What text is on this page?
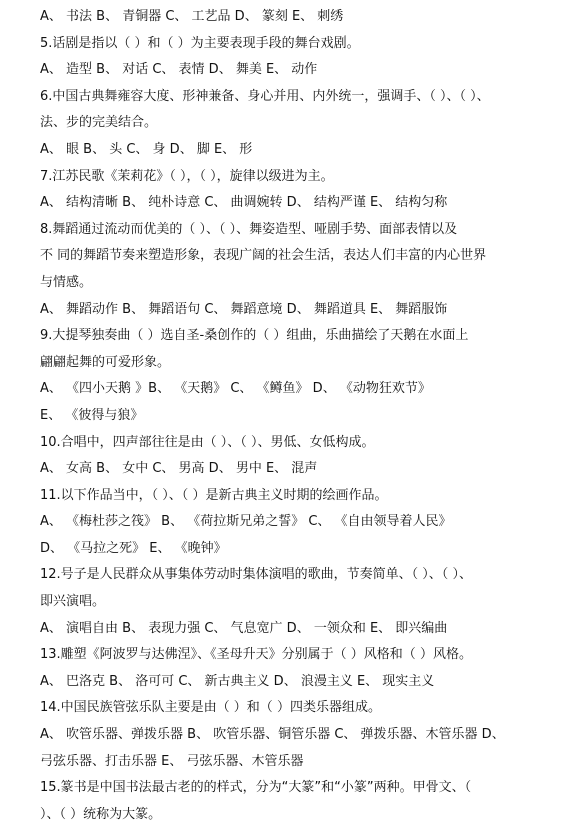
A、 书法 B、 青铜器 C、 工艺品 D、 篆刻 E、 刺绣
5.话剧是指以（ ）和（ ）为主要表现手段的舞台戏剧。
A、 造型 B、 对话 C、 表情 D、 舞美 E、 动作
6.中国古典舞雍容大度、形神兼备、身心并用、内外统一，强调手、（ ）、（ ）、
法、步的完美结合。
A、 眼 B、 头 C、 身 D、 脚 E、 形
7.江苏民歌《茉莉花》（ ），（ ），旋律以级进为主。
A、 结构清晰 B、 纯朴诗意 C、 曲调婉转 D、 结构严谨 E、 结构匀称
8.舞蹈通过流动而优美的（ ）、（ ）、舞姿造型、哑剧手势、面部表情以及
不 同的舞蹈节奏来塑造形象，表现广阔的社会生活，表达人们丰富的内心世界
与情感。
A、 舞蹈动作 B、 舞蹈语句 C、 舞蹈意境 D、 舞蹈道具 E、 舞蹈服饰
9.大提琴独奏曲（ ）选自圣-桑创作的（ ）组曲，乐曲描绘了天鹅在水面上
翩翩起舞的可爱形象。
A、 《四小天鹅 》B、 《天鹅》 C、 《鳟鱼》 D、 《动物狂欢节》
E、 《彼得与狼》
10.合唱中，四声部往往是由（ ）、（ ）、男低、女低构成。
A、 女高 B、 女中 C、 男高 D、 男中 E、 混声
11.以下作品当中，（ ）、（ ）是新古典主义时期的绘画作品。
A、 《梅杜莎之筏》 B、 《荷拉斯兄弟之誓》 C、 《自由领导着人民》
D、 《马拉之死》 E、 《晚钟》
12.号子是人民群众从事集体劳动时集体演唱的歌曲，节奏简单、（ ）、（ ）、
即兴演唱。
A、 演唱自由 B、 表现力强 C、 气息宽广 D、 一领众和 E、 即兴编曲
13.雕塑《阿波罗与达佛涅》、《圣母升天》分别属于（ ）风格和（ ）风格。
A、 巴洛克 B、 洛可可 C、 新古典主义 D、 浪漫主义 E、 现实主义
14.中国民族管弦乐队主要是由（ ）和（ ）四类乐器组成。
A、 吹管乐器、弹拨乐器 B、 吹管乐器、铜管乐器 C、 弹拨乐器、木管乐器 D、
弓弦乐器、打击乐器 E、 弓弦乐器、木管乐器
15.篆书是中国书法最古老的的样式，分为“大篆”和“小篆”两种。甲骨文、（
）、（ ）统称为大篆。
